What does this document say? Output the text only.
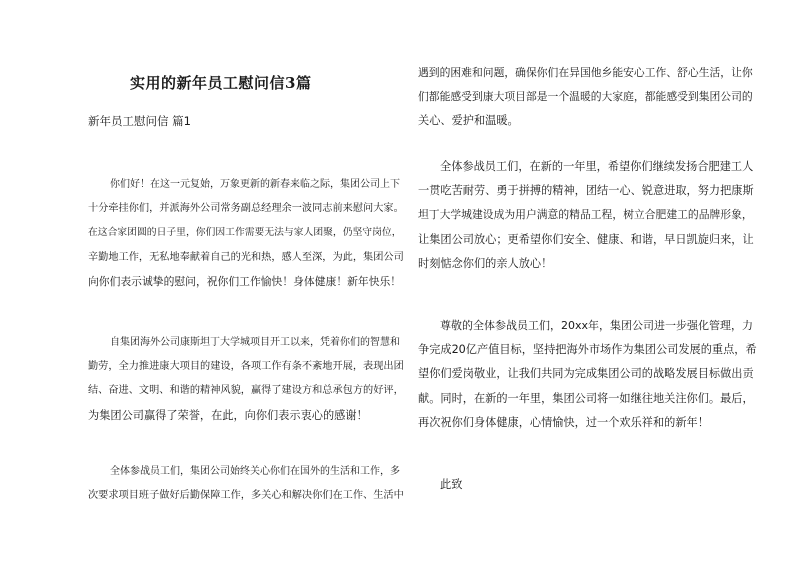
实用的新年员工慰问信3篇

新年员工慰问信 篇1

你们好！在这一元复始，万象更新的新春来临之际，集团公司上下
十分牵挂你们，并派海外公司常务副总经理余一波同志前来慰问大家。
在这合家团圆的日子里，你们因工作需要无法与家人团聚，仍坚守岗位，
辛勤地工作，无私地奉献着自己的光和热，感人至深，为此，集团公司
向你们表示诚挚的慰问，祝你们工作愉快！身体健康！新年快乐！

自集团海外公司康斯坦丁大学城项目开工以来，凭着你们的智慧和
勤劳，全力推进康大项目的建设，各项工作有条不紊地开展，表现出团
结、奋进、文明、和谐的精神风貌，赢得了建设方和总承包方的好评，
为集团公司赢得了荣誉，在此，向你们表示衷心的感谢！

全体参战员工们，集团公司始终关心你们在国外的生活和工作，多
次要求项目班子做好后勤保障工作，多关心和解决你们在工作、生活中

遇到的困难和问题，确保你们在异国他乡能安心工作、舒心生活，让你
们都能感受到康大项目部是一个温暖的大家庭，都能感受到集团公司的
关心、爱护和温暖。

全体参战员工们，在新的一年里，希望你们继续发扬合肥建工人
一贯吃苦耐劳、勇于拼搏的精神，团结一心、锐意进取，努力把康斯
坦丁大学城建设成为用户满意的精品工程，树立合肥建工的品牌形象，
让集团公司放心；更希望你们安全、健康、和谐，早日凯旋归来，让
时刻惦念你们的亲人放心！

尊敬的全体参战员工们，20xx年，集团公司进一步强化管理，力
争完成20亿产值目标，坚持把海外市场作为集团公司发展的重点，希
望你们爱岗敬业，让我们共同为完成集团公司的战略发展目标做出贡
献。同时，在新的一年里，集团公司将一如继往地关注你们。最后，
再次祝你们身体健康，心情愉快，过一个欢乐祥和的新年！

此致
